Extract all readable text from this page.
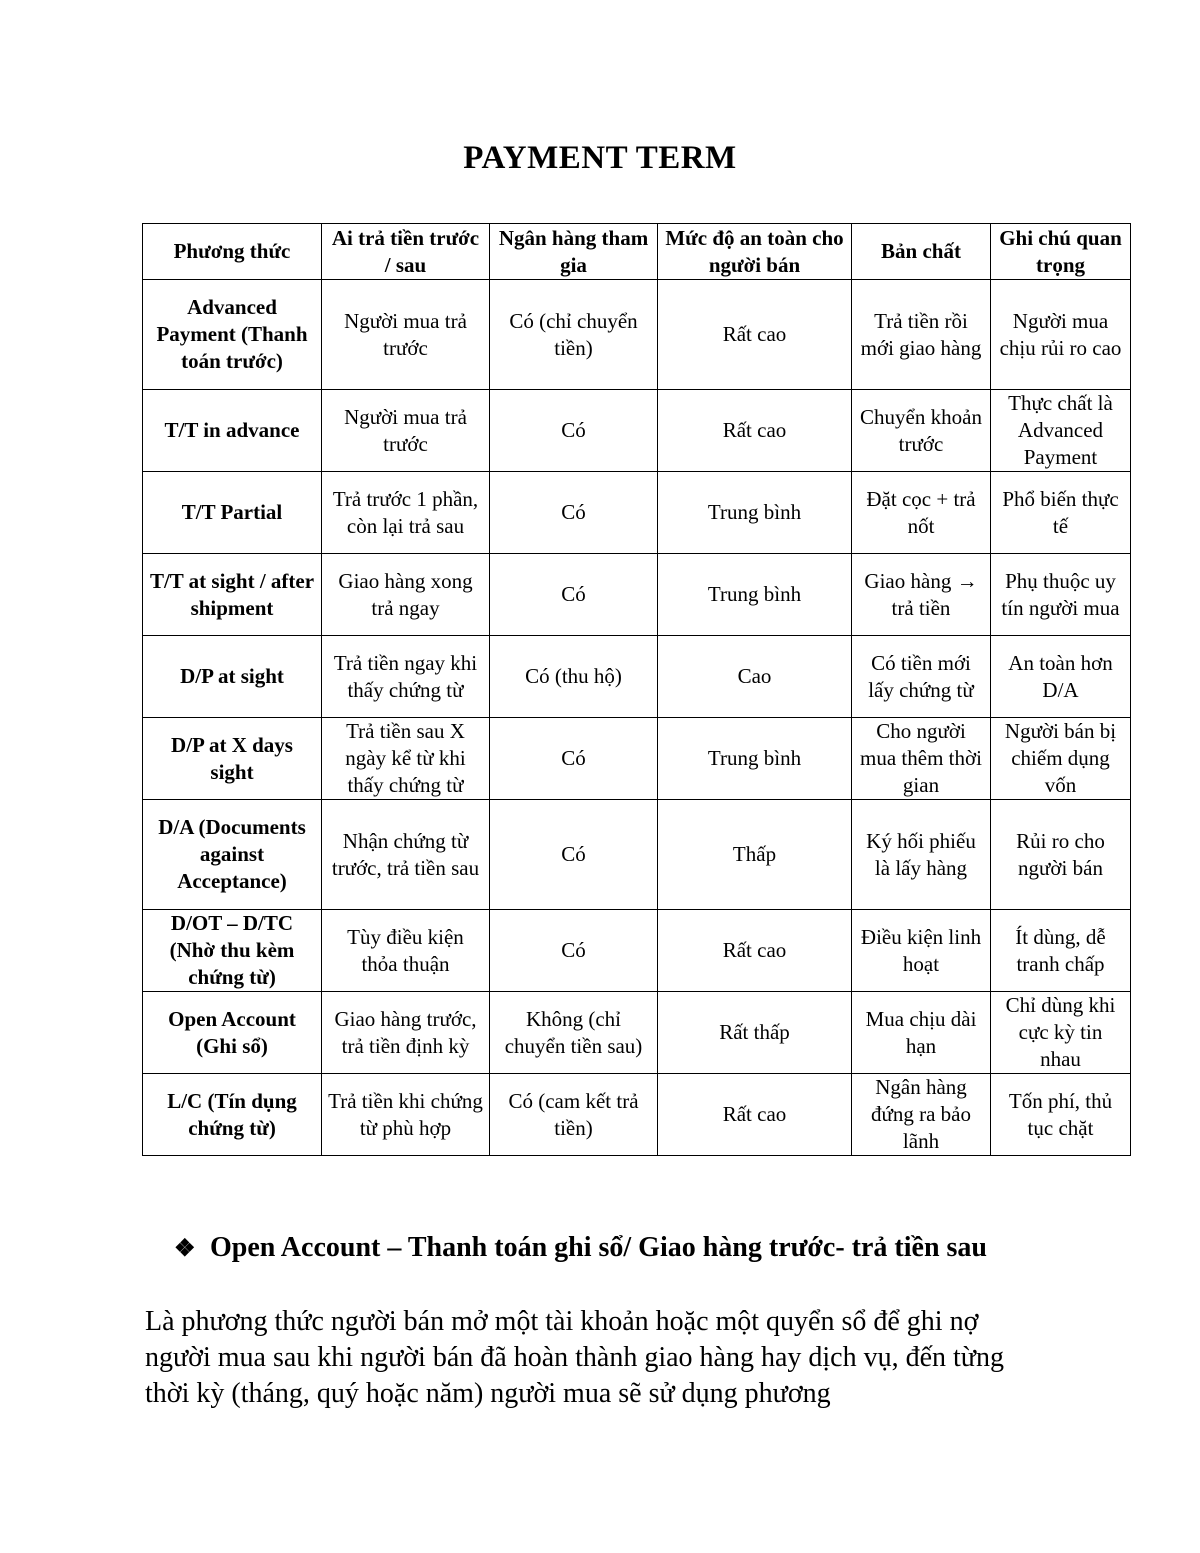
PAYMENT TERM
Phương thức	Ai trả tiền trước / sau	Ngân hàng tham gia	Mức độ an toàn cho người bán	Bản chất	Ghi chú quan trọng
Advanced Payment (Thanh toán trước)	Người mua trả trước	Có (chỉ chuyển tiền)	Rất cao	Trả tiền rồi mới giao hàng	Người mua chịu rủi ro cao
T/T in advance	Người mua trả trước	Có	Rất cao	Chuyển khoản trước	Thực chất là Advanced Payment
T/T Partial	Trả trước 1 phần, còn lại trả sau	Có	Trung bình	Đặt cọc + trả nốt	Phổ biến thực tế
T/T at sight / after shipment	Giao hàng xong trả ngay	Có	Trung bình	Giao hàng → trả tiền	Phụ thuộc uy tín người mua
D/P at sight	Trả tiền ngay khi thấy chứng từ	Có (thu hộ)	Cao	Có tiền mới lấy chứng từ	An toàn hơn D/A
D/P at X days sight	Trả tiền sau X ngày kể từ khi thấy chứng từ	Có	Trung bình	Cho người mua thêm thời gian	Người bán bị chiếm dụng vốn
D/A (Documents against Acceptance)	Nhận chứng từ trước, trả tiền sau	Có	Thấp	Ký hối phiếu là lấy hàng	Rủi ro cho người bán
D/OT – D/TC (Nhờ thu kèm chứng từ)	Tùy điều kiện thỏa thuận	Có	Rất cao	Điều kiện linh hoạt	Ít dùng, dễ tranh chấp
Open Account (Ghi sổ)	Giao hàng trước, trả tiền định kỳ	Không (chỉ chuyển tiền sau)	Rất thấp	Mua chịu dài hạn	Chỉ dùng khi cực kỳ tin nhau
L/C (Tín dụng chứng từ)	Trả tiền khi chứng từ phù hợp	Có (cam kết trả tiền)	Rất cao	Ngân hàng đứng ra bảo lãnh	Tốn phí, thủ tục chặt
❖ Open Account – Thanh toán ghi sổ/ Giao hàng trước- trả tiền sau
Là phương thức người bán mở một tài khoản hoặc một quyển sổ để ghi nợ người mua sau khi người bán đã hoàn thành giao hàng hay dịch vụ, đến từng thời kỳ (tháng, quý hoặc năm) người mua sẽ sử dụng phương
